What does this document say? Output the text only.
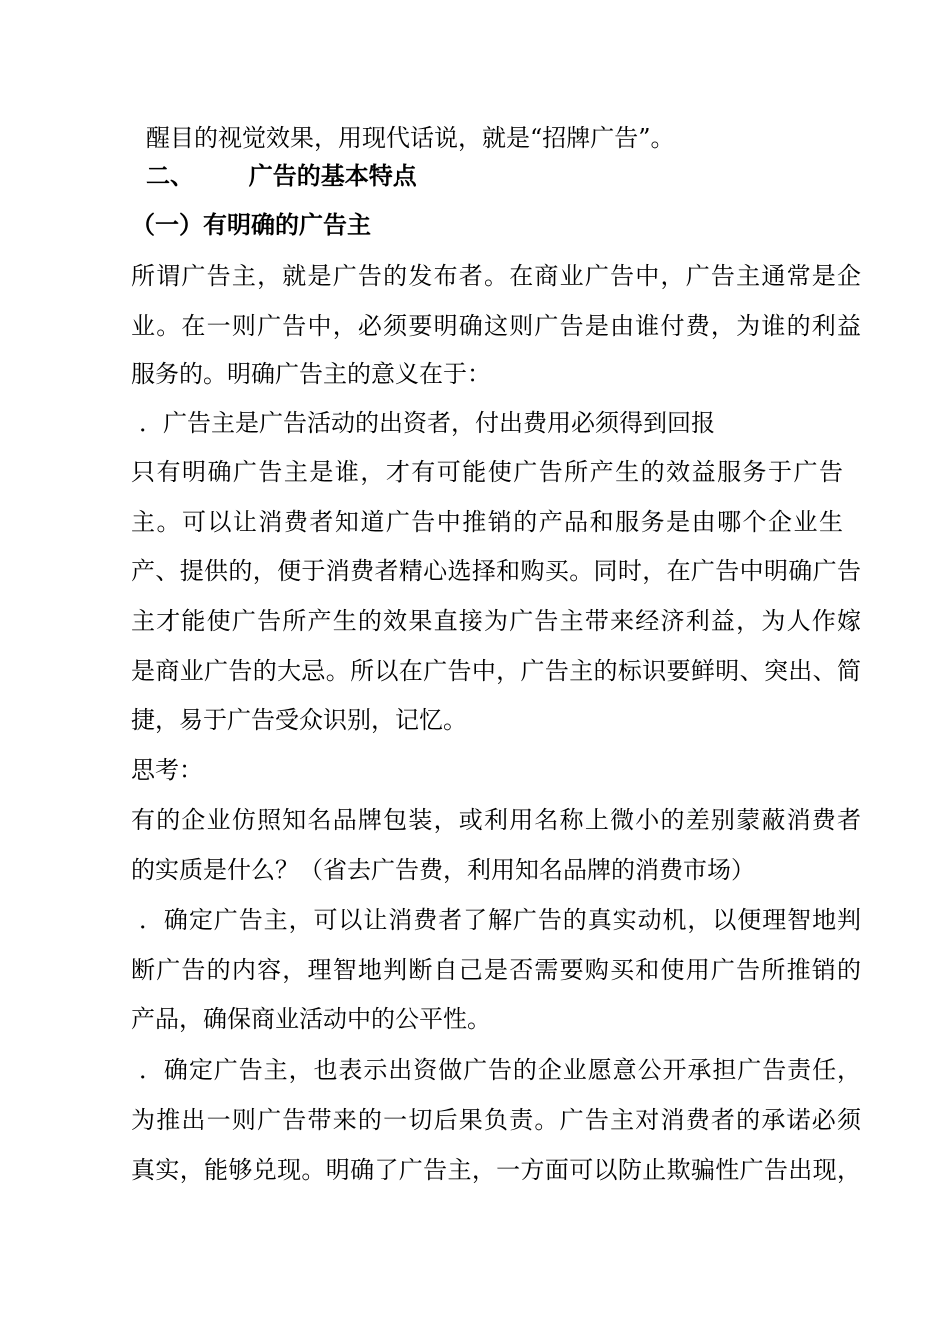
醒目的视觉效果，用现代话说，就是“招牌广告”。
二、 广告的基本特点
（一）有明确的广告主
所谓广告主，就是广告的发布者。在商业广告中，广告主通常是企
业。在一则广告中，必须要明确这则广告是由谁付费，为谁的利益
服务的。明确广告主的意义在于：
．广告主是广告活动的出资者，付出费用必须得到回报
只有明确广告主是谁，才有可能使广告所产生的效益服务于广告
主。可以让消费者知道广告中推销的产品和服务是由哪个企业生
产、提供的，便于消费者精心选择和购买。同时，在广告中明确广告
主才能使广告所产生的效果直接为广告主带来经济利益，为人作嫁
是商业广告的大忌。所以在广告中，广告主的标识要鲜明、突出、简
捷，易于广告受众识别，记忆。
思考：
有的企业仿照知名品牌包装，或利用名称上微小的差别蒙蔽消费者
的实质是什么？（省去广告费，利用知名品牌的消费市场）
．确定广告主，可以让消费者了解广告的真实动机，以便理智地判
断广告的内容，理智地判断自己是否需要购买和使用广告所推销的
产品，确保商业活动中的公平性。
．确定广告主，也表示出资做广告的企业愿意公开承担广告责任，
为推出一则广告带来的一切后果负责。广告主对消费者的承诺必须
真实，能够兑现。明确了广告主，一方面可以防止欺骗性广告出现，
